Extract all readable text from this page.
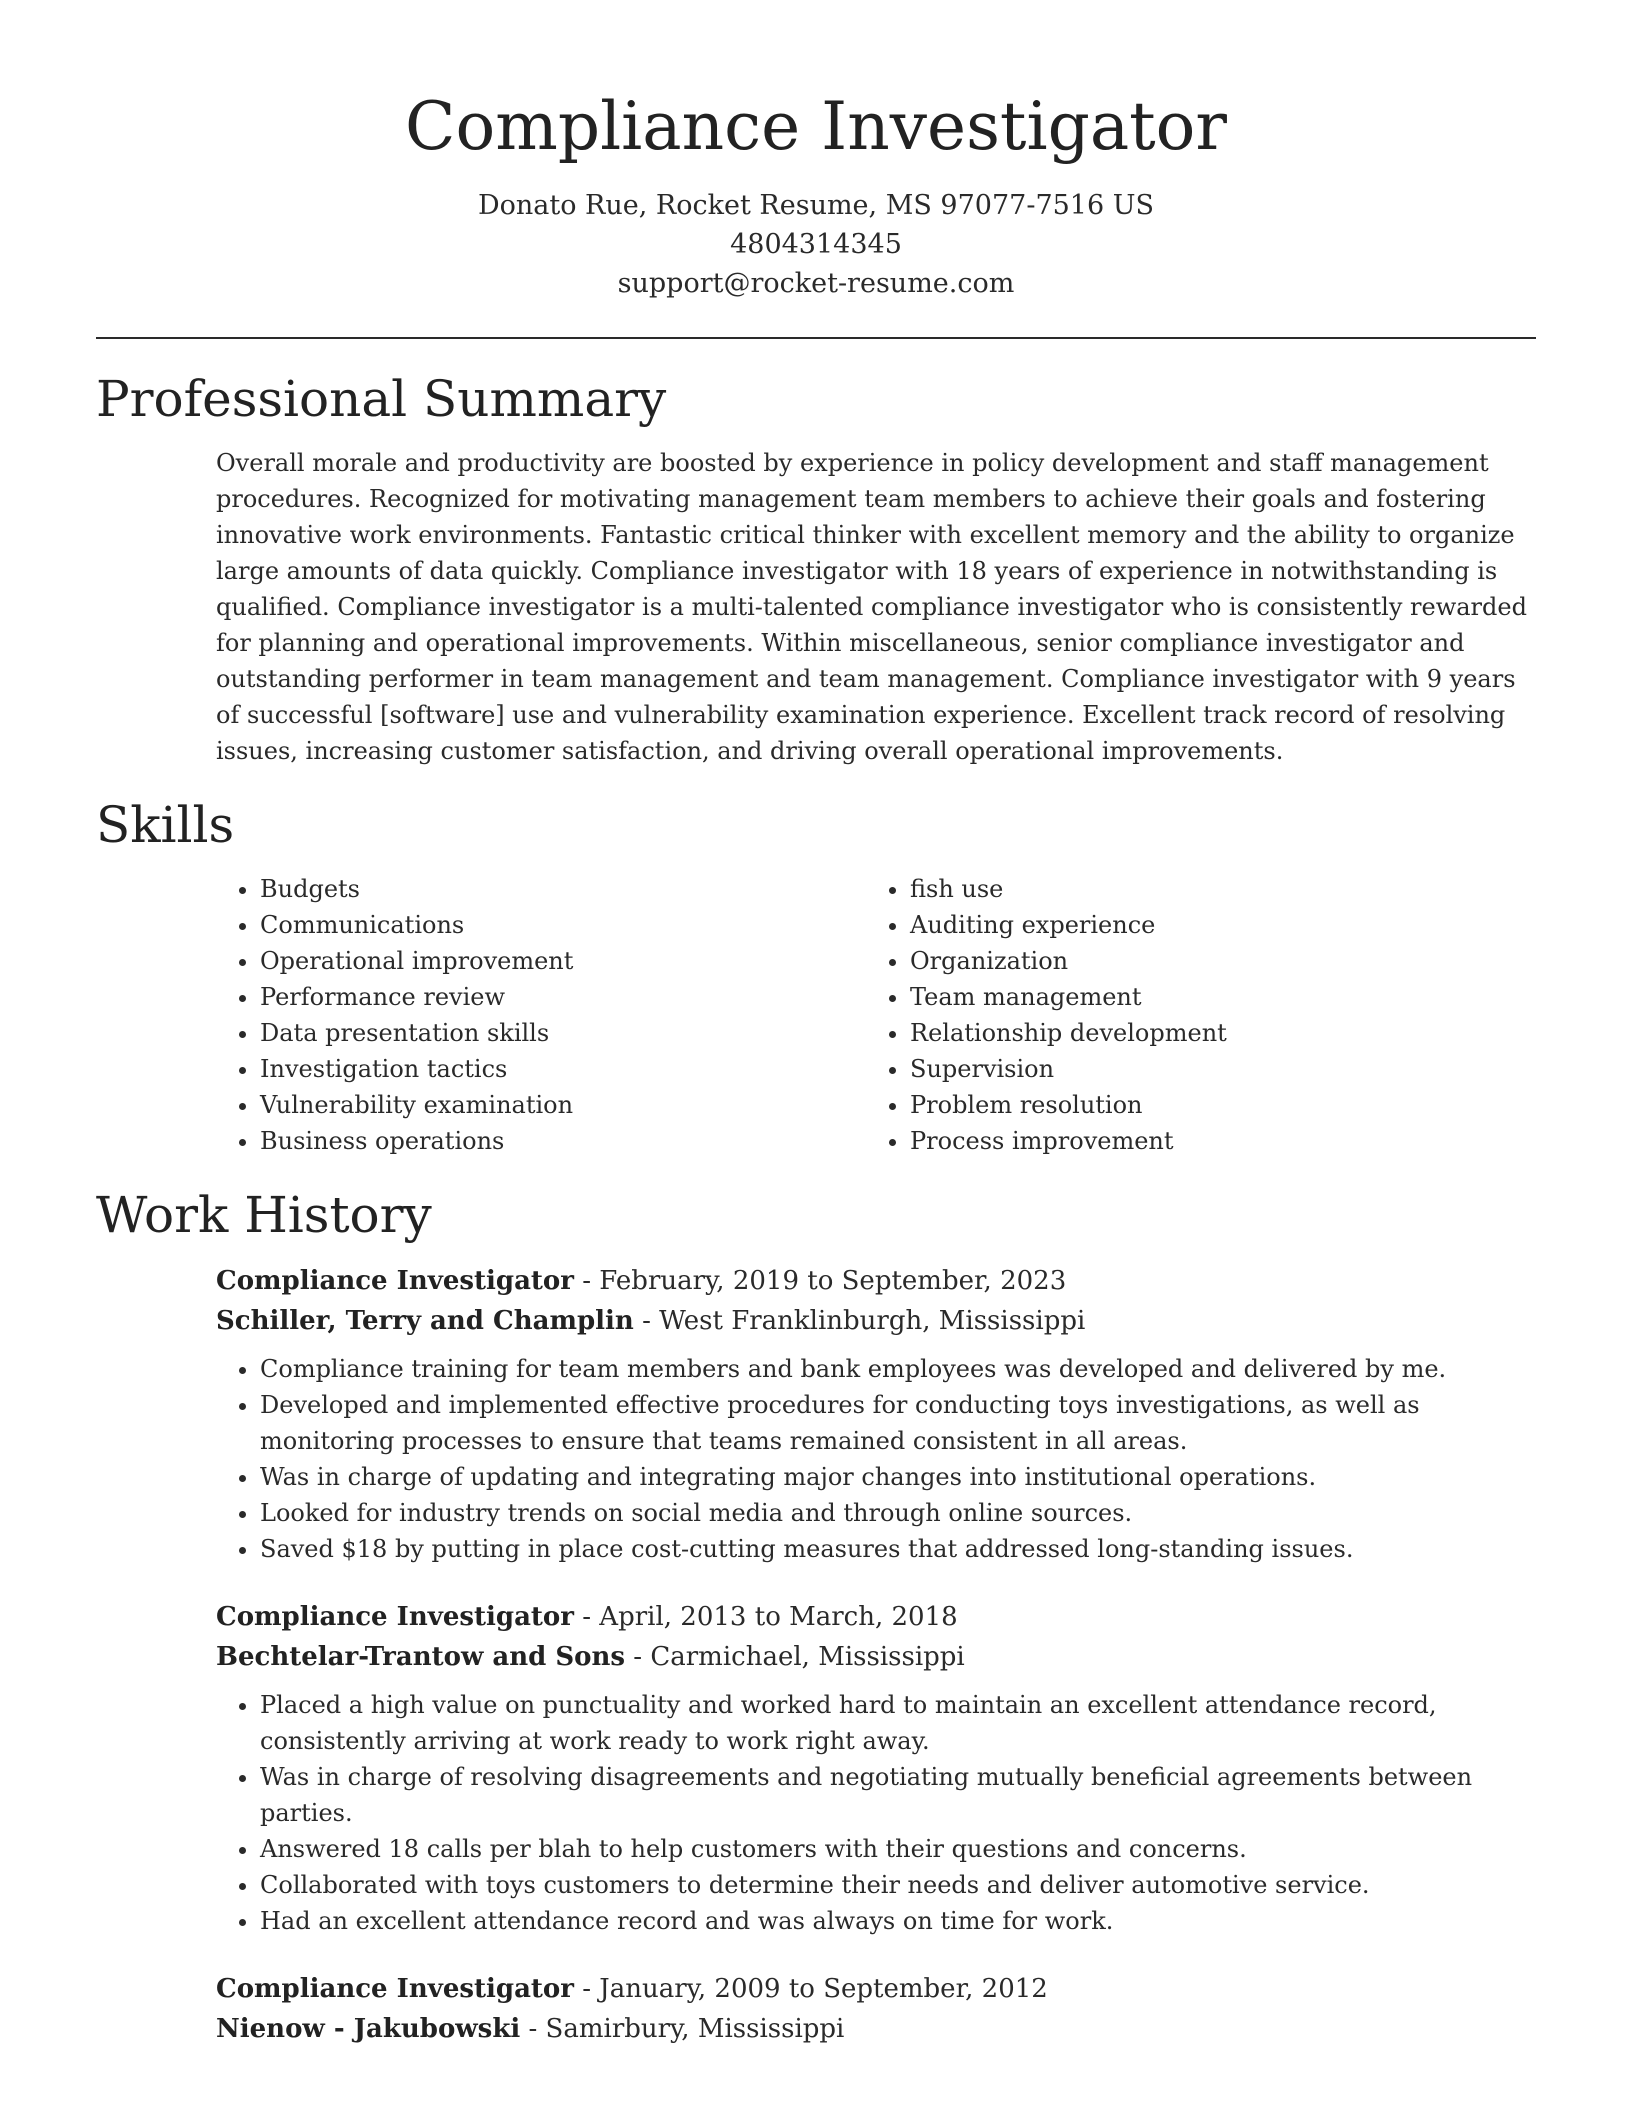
Compliance Investigator

Donato Rue, Rocket Resume, MS 97077-7516 US

4804314345

support@rocket-resume.com

Professional Summary

Overall morale and productivity are boosted by experience in policy development and staff management procedures. Recognized for motivating management team members to achieve their goals and fostering innovative work environments. Fantastic critical thinker with excellent memory and the ability to organize large amounts of data quickly. Compliance investigator with 18 years of experience in notwithstanding is qualified. Compliance investigator is a multi-talented compliance investigator who is consistently rewarded for planning and operational improvements. Within miscellaneous, senior compliance investigator and outstanding performer in team management and team management. Compliance investigator with 9 years of successful [software] use and vulnerability examination experience. Excellent track record of resolving issues, increasing customer satisfaction, and driving overall operational improvements.

Skills
• Budgets
• Communications
• Operational improvement
• Performance review
• Data presentation skills
• Investigation tactics
• Vulnerability examination
• Business operations
• fish use
• Auditing experience
• Organization
• Team management
• Relationship development
• Supervision
• Problem resolution
• Process improvement
Work History

Compliance Investigator - February, 2019 to September, 2023

Schiller, Terry and Champlin - West Franklinburgh, Mississippi

• Compliance training for team members and bank employees was developed and delivered by me.
• Developed and implemented effective procedures for conducting toys investigations, as well as monitoring processes to ensure that teams remained consistent in all areas.
• Was in charge of updating and integrating major changes into institutional operations.
• Looked for industry trends on social media and through online sources.
• Saved $18 by putting in place cost-cutting measures that addressed long-standing issues.

Compliance Investigator - April, 2013 to March, 2018

Bechtelar-Trantow and Sons - Carmichael, Mississippi

• Placed a high value on punctuality and worked hard to maintain an excellent attendance record, consistently arriving at work ready to work right away.
• Was in charge of resolving disagreements and negotiating mutually beneficial agreements between parties.
• Answered 18 calls per blah to help customers with their questions and concerns.
• Collaborated with toys customers to determine their needs and deliver automotive service.
• Had an excellent attendance record and was always on time for work.

Compliance Investigator - January, 2009 to September, 2012

Nienow - Jakubowski - Samirbury, Mississippi
